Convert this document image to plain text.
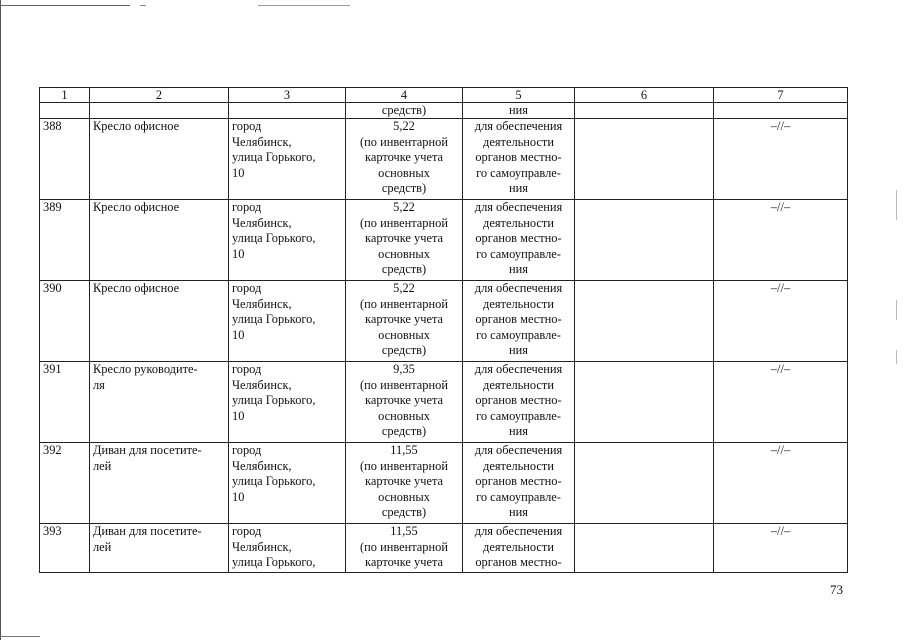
1	2	3	4	5	6	7
			средств)	ния		
388	Кресло офисное	город
Челябинск,
улица Горького,
10	5,22
(по инвентарной
карточке учета
основных
средств)	для обеспечения
деятельности
органов местно-
го самоуправле-
ния		–//–
389	Кресло офисное	город
Челябинск,
улица Горького,
10	5,22
(по инвентарной
карточке учета
основных
средств)	для обеспечения
деятельности
органов местно-
го самоуправле-
ния		–//–
390	Кресло офисное	город
Челябинск,
улица Горького,
10	5,22
(по инвентарной
карточке учета
основных
средств)	для обеспечения
деятельности
органов местно-
го самоуправле-
ния		–//–
391	Кресло руководите-
ля	город
Челябинск,
улица Горького,
10	9,35
(по инвентарной
карточке учета
основных
средств)	для обеспечения
деятельности
органов местно-
го самоуправле-
ния		–//–
392	Диван для посетите-
лей	город
Челябинск,
улица Горького,
10	11,55
(по инвентарной
карточке учета
основных
средств)	для обеспечения
деятельности
органов местно-
го самоуправле-
ния		–//–
393	Диван для посетите-
лей	город
Челябинск,
улица Горького,	11,55
(по инвентарной
карточке учета	для обеспечения
деятельности
органов местно-		–//–
73
